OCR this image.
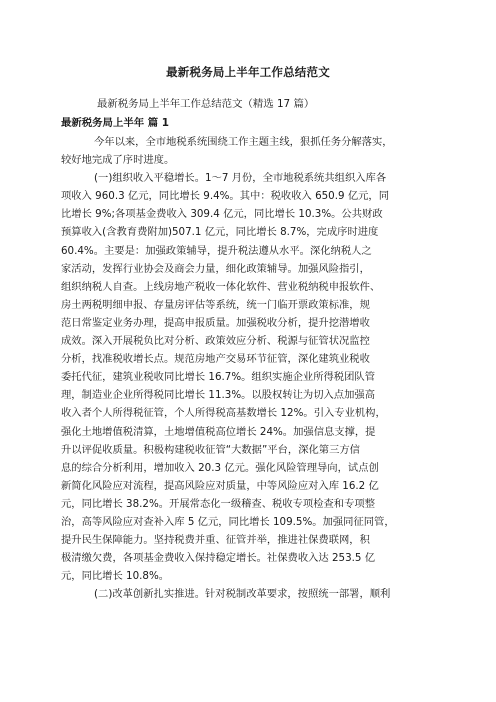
最新税务局上半年工作总结范文
最新税务局上半年工作总结范文（精选 17 篇）
最新税务局上半年 篇 1
今年以来，全市地税系统围绕工作主题主线，狠抓任务分解落实，
较好地完成了序时进度。
(一)组织收入平稳增长。1～7 月份，全市地税系统共组织入库各
项收入 960.3 亿元，同比增长 9.4%。其中：税收收入 650.9 亿元，同
比增长 9%;各项基金费收入 309.4 亿元，同比增长 10.3%。公共财政
预算收入(含教育费附加)507.1 亿元，同比增长 8.7%，完成序时进度
60.4%。主要是：加强政策辅导，提升税法遵从水平。深化纳税人之
家活动，发挥行业协会及商会力量，细化政策辅导。加强风险指引，
组织纳税人自查。上线房地产税收一体化软件、营业税纳税申报软件、
房土两税明细申报、存量房评估等系统，统一门临开票政策标准，规
范日常鉴定业务办理，提高申报质量。加强税收分析，提升挖潜增收
成效。深入开展税负比对分析、政策效应分析、税源与征管状况监控
分析，找准税收增长点。规范房地产交易环节征管，深化建筑业税收
委托代征，建筑业税收同比增长 16.7%。组织实施企业所得税团队管
理，制造业企业所得税同比增长 11.3%。以股权转让为切入点加强高
收入者个人所得税征管，个人所得税高基数增长 12%。引入专业机构，
强化土地增值税清算，土地增值税高位增长 24%。加强信息支撑，提
升以评促收质量。积极构建税收征管“大数据”平台，深化第三方信
息的综合分析利用，增加收入 20.3 亿元。强化风险管理导向，试点创
新简化风险应对流程，提高风险应对质量，中等风险应对入库 16.2 亿
元，同比增长 38.2%。开展常态化一级稽查、税收专项检查和专项整
治，高等风险应对查补入库 5 亿元，同比增长 109.5%。加强同征同管，
提升民生保障能力。坚持税费并重、征管并举，推进社保费联网，积
极清缴欠费，各项基金费收入保持稳定增长。社保费收入达 253.5 亿
元，同比增长 10.8%。
(二)改革创新扎实推进。针对税制改革要求，按照统一部署，顺利
